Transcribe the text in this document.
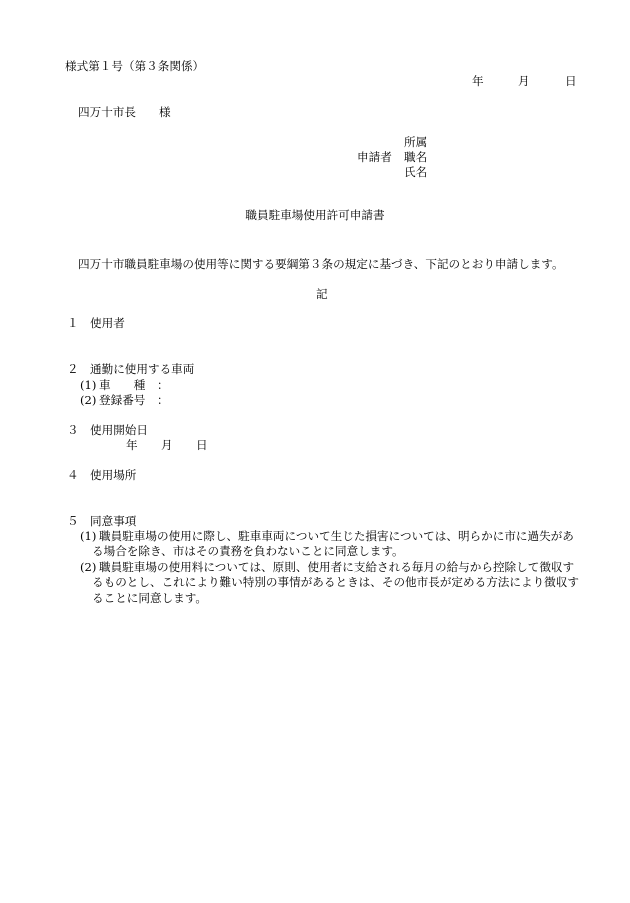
様式第１号（第３条関係）
年	月	日
四万十市長 様
所属
申請者 職名
氏名
職員駐車場使用許可申請書
四万十市職員駐車場の使用等に関する要綱第３条の規定に基づき、下記のとおり申請します。
記
１ 使用者
２ 通勤に使用する車両
(1) 車　　種 ：
(2) 登録番号 ：
３ 使用開始日
年 月 日
４ 使用場所
５ 同意事項
(1) 職員駐車場の使用に際し、駐車車両について生じた損害については、明らかに市に過失があ
る場合を除き、市はその責務を負わないことに同意します。
(2) 職員駐車場の使用料については、原則、使用者に支給される毎月の給与から控除して徴収す
るものとし、これにより難い特別の事情があるときは、その他市長が定める方法により徴収す
ることに同意します。
